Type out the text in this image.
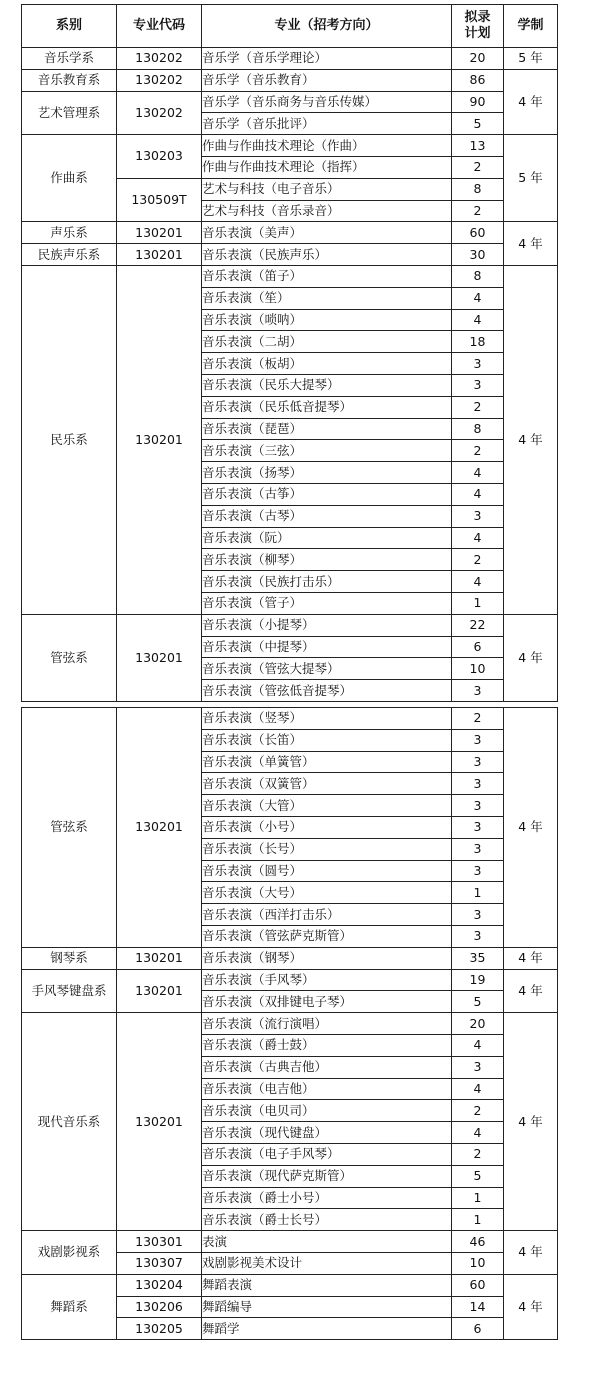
系别	专业代码	专业（招考方向）	拟录
计划	学制
音乐学系	130202	音乐学（音乐学理论）	20	5 年
音乐教育系	130202	音乐学（音乐教育）	86	4 年
艺术管理系	130202	音乐学（音乐商务与音乐传媒）	90	
		音乐学（音乐批评）	5	
作曲系	130203	作曲与作曲技术理论（作曲）	13	5 年
		作曲与作曲技术理论（指挥）	2	
	130509T	艺术与科技（电子音乐）	8	
		艺术与科技（音乐录音）	2	
声乐系	130201	音乐表演（美声）	60	4 年
民族声乐系	130201	音乐表演（民族声乐）	30	
民乐系	130201	音乐表演（笛子）	8	4 年
		音乐表演（笙）	4	
		音乐表演（唢呐）	4	
		音乐表演（二胡）	18	
		音乐表演（板胡）	3	
		音乐表演（民乐大提琴）	3	
		音乐表演（民乐低音提琴）	2	
		音乐表演（琵琶）	8	
		音乐表演（三弦）	2	
		音乐表演（扬琴）	4	
		音乐表演（古筝）	4	
		音乐表演（古琴）	3	
		音乐表演（阮）	4	
		音乐表演（柳琴）	2	
		音乐表演（民族打击乐）	4	
		音乐表演（管子）	1	
管弦系	130201	音乐表演（小提琴）	22	4 年
		音乐表演（中提琴）	6	
		音乐表演（管弦大提琴）	10	
		音乐表演（管弦低音提琴）	3	
管弦系	130201	音乐表演（竖琴）	2	4 年
		音乐表演（长笛）	3	
		音乐表演（单簧管）	3	
		音乐表演（双簧管）	3	
		音乐表演（大管）	3	
		音乐表演（小号）	3	
		音乐表演（长号）	3	
		音乐表演（圆号）	3	
		音乐表演（大号）	1	
		音乐表演（西洋打击乐）	3	
		音乐表演（管弦萨克斯管）	3	
钢琴系	130201	音乐表演（钢琴）	35	4 年
手风琴键盘系	130201	音乐表演（手风琴）	19	4 年
		音乐表演（双排键电子琴）	5	
现代音乐系	130201	音乐表演（流行演唱）	20	4 年
		音乐表演（爵士鼓）	4	
		音乐表演（古典吉他）	3	
		音乐表演（电吉他）	4	
		音乐表演（电贝司）	2	
		音乐表演（现代键盘）	4	
		音乐表演（电子手风琴）	2	
		音乐表演（现代萨克斯管）	5	
		音乐表演（爵士小号）	1	
		音乐表演（爵士长号）	1	
戏剧影视系	130301	表演	46	4 年
	130307	戏剧影视美术设计	10	
舞蹈系	130204	舞蹈表演	60	4 年
	130206	舞蹈编导	14	
	130205	舞蹈学	6	
